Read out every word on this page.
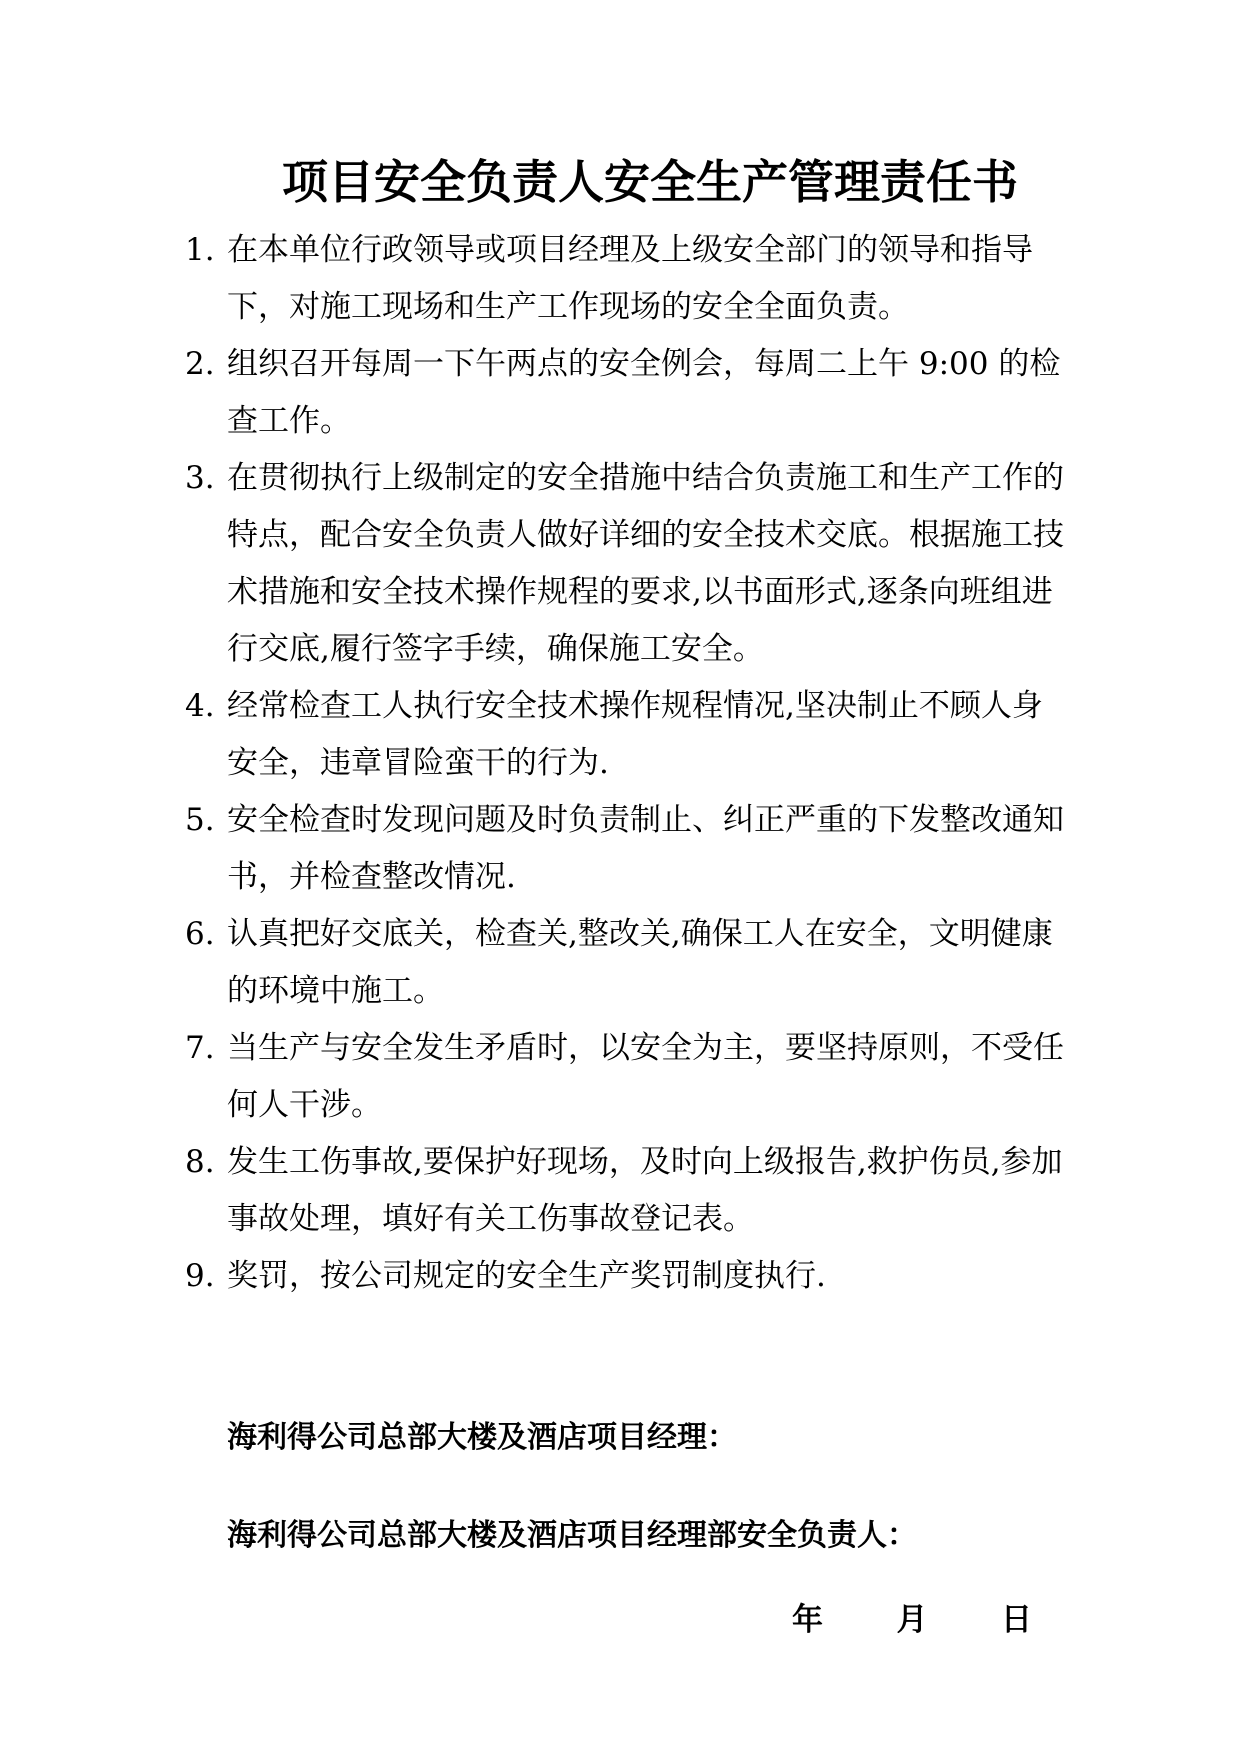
项目安全负责人安全生产管理责任书
1. 在本单位行政领导或项目经理及上级安全部门的领导和指导下，对施工现场和生产工作现场的安全全面负责。
2. 组织召开每周一下午两点的安全例会，每周二上午 9:00 的检查工作。
3. 在贯彻执行上级制定的安全措施中结合负责施工和生产工作的特点，配合安全负责人做好详细的安全技术交底。根据施工技术措施和安全技术操作规程的要求,以书面形式,逐条向班组进行交底,履行签字手续，确保施工安全。
4. 经常检查工人执行安全技术操作规程情况,坚决制止不顾人身安全，违章冒险蛮干的行为.
5. 安全检查时发现问题及时负责制止、纠正严重的下发整改通知书，并检查整改情况.
6. 认真把好交底关，检查关,整改关,确保工人在安全，文明健康的环境中施工。
7. 当生产与安全发生矛盾时，以安全为主，要坚持原则，不受任何人干涉。
8. 发生工伤事故,要保护好现场，及时向上级报告,救护伤员,参加事故处理，填好有关工伤事故登记表。
9. 奖罚，按公司规定的安全生产奖罚制度执行.
海利得公司总部大楼及酒店项目经理：
海利得公司总部大楼及酒店项目经理部安全负责人：
年 月 日
